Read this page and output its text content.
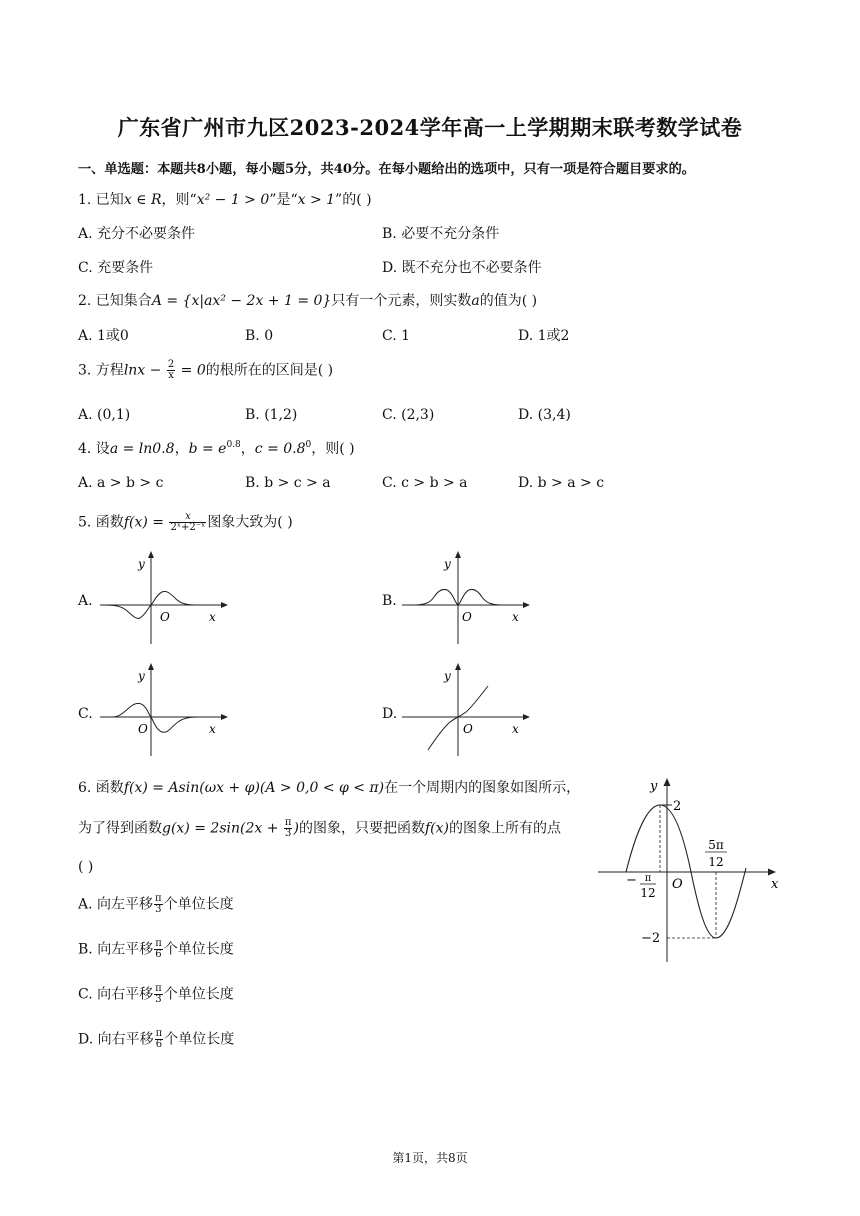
广东省广州市九区2023-2024学年高一上学期期末联考数学试卷
一、单选题：本题共8小题，每小题5分，共40分。在每小题给出的选项中，只有一项是符合题目要求的。
1. 已知x ∈ R，则“x² − 1 > 0”是“x > 1”的( )
A. 充分不必要条件	B. 必要不充分条件
C. 充要条件	D. 既不充分也不必要条件
2. 已知集合A = {x|ax² − 2x + 1 = 0}只有一个元素，则实数a的值为( )
A. 1或0	B. 0	C. 1	D. 1或2
3. 方程$\ln x - \frac{2}{x} = 0$的根所在的区间是( )
A. (0,1)	B. (1,2)	C. (2,3)	D. (3,4)
4. 设a = ln0.8，$b = e^{0.8}$，$c = 0.8^0$，则( )
A. a > b > c	B. b > c > a	C. c > b > a	D. b > a > c
5. 函数$f(x) = \frac{x}{\text{2ˣ+2⁻ˣ}}$ 图象大致为( )
A.	B.
C.	D.
y
x
O
y
x
O
y
x
O
y
x
O
6. 函数f(x) = Asin(ωx + φ)(A > 0,0 < φ < π)在一个周期内的图象如图所示，
为了得到函数$g(x) = 2\sin(2x + \frac{\pi}{3}$ )的图象，只要把函数f(x)的图象上所有的点
( )
A. 向左平移 $\frac{\pi}{3}$ 个单位长度
B. 向左平移 $\frac{\pi}{6}$ 个单位长度
C. 向右平移 $\frac{\pi}{3}$ 个单位长度
D. 向右平移 $\frac{\pi}{6}$ 个单位长度
y
x
O
2
−2
− π
12
5π
12
第1页，共8页
